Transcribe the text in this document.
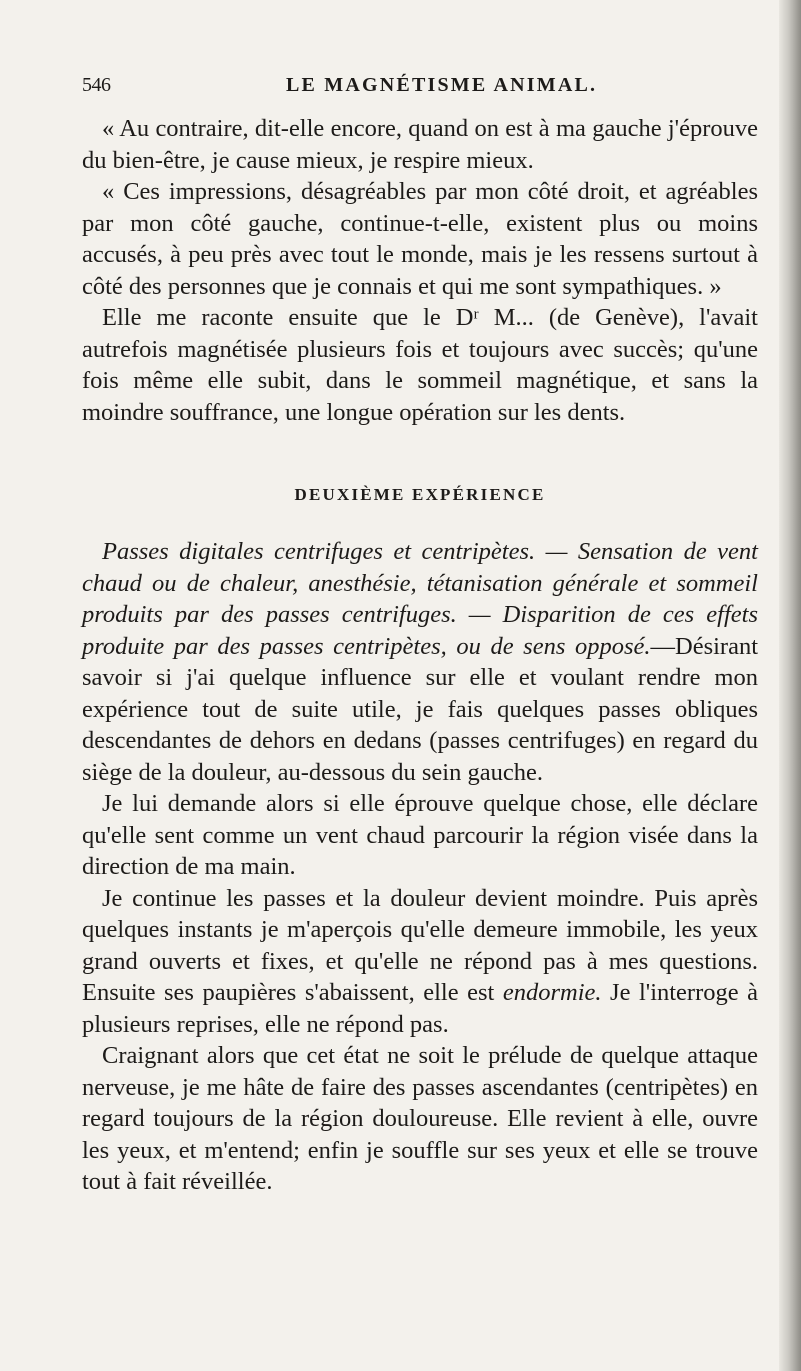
546	LE MAGNÉTISME ANIMAL.

« Au contraire, dit-elle encore, quand on est à ma gauche j'éprouve du bien-être, je cause mieux, je respire mieux.

« Ces impressions, désagréables par mon côté droit, et agréables par mon côté gauche, continue-t-elle, existent plus ou moins accusés, à peu près avec tout le monde, mais je les ressens surtout à côté des personnes que je connais et qui me sont sympathiques. »

Elle me raconte ensuite que le Dʳ M... (de Genève), l'avait autrefois magnétisée plusieurs fois et toujours avec succès; qu'une fois même elle subit, dans le sommeil magnétique, et sans la moindre souffrance, une longue opération sur les dents.

DEUXIÈME EXPÉRIENCE

Passes digitales centrifuges et centripètes. — Sensation de vent chaud ou de chaleur, anesthésie, tétanisation générale et sommeil produits par des passes centrifuges. — Disparition de ces effets produite par des passes centripètes, ou de sens opposé.—Désirant savoir si j'ai quelque influence sur elle et voulant rendre mon expérience tout de suite utile, je fais quelques passes obliques descendantes de dehors en dedans (passes centrifuges) en regard du siège de la douleur, au-dessous du sein gauche.

Je lui demande alors si elle éprouve quelque chose, elle déclare qu'elle sent comme un vent chaud parcourir la région visée dans la direction de ma main.

Je continue les passes et la douleur devient moindre. Puis après quelques instants je m'aperçois qu'elle demeure immobile, les yeux grand ouverts et fixes, et qu'elle ne répond pas à mes questions. Ensuite ses paupières s'abaissent, elle est endormie. Je l'interroge à plusieurs reprises, elle ne répond pas.

Craignant alors que cet état ne soit le prélude de quelque attaque nerveuse, je me hâte de faire des passes ascendantes (centripètes) en regard toujours de la région douloureuse. Elle revient à elle, ouvre les yeux, et m'entend; enfin je souffle sur ses yeux et elle se trouve tout à fait réveillée.
